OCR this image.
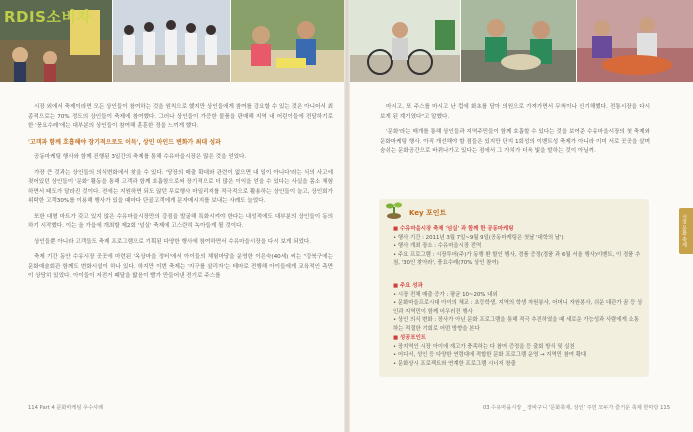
RDIS소비자

시장 외에서 축제이라면 모든 상인들이 참여하는 것을 원칙으로 했지만 상인들에게 참여를 강요할 수 있는 것은 아니어서 최종적으로는 70% 정도의 상인들이 축제에 참여했다. 그러나 상인들이 가증한 물품을 판매해 지역 내 어린이들에 전달하기로 한 '풍요수레'에는 대부분의 상인들이 참여해 훈훈한 정을 느끼게 했다.

'고객과 함께 호흡해야 장기적으로도 이득', 상인 마인드 변화가 최대 성과

공동마케팅 행사와 함께 진행된 3일간의 축제를 통해 수유마을시장은 많은 것을 얻었다.

가장 큰 것과는 상인들의 의식변화에서 찾을 수 있다. '당장의 매출 확대와 관련이 없으면 내 일이 아니다'라는 식의 사고에 젖어있던 상인들이 '문화' 활동을 통해 고객과 함께 호흡함으로써 장기적으로 더 많은 이익을 얻을 수 있다는 사실을 몸소 체험하면서 태도가 달라진 것이다. 전에는 지원하면 되도 않던 무료행사 마일리지를 적극적으로 활용하는 상인들이 늘고, 상인회가 위탁한 고객30%를 이용해 행사가 있을 때마다 단골고객에게 문자메시지를 보내는 사례도 늘었다.

또한 대형 마트가 갖고 있지 않은 수유마을시장만의 강점을 발굴해 특화시켜야 한다는 내성적에도 대부분의 상인들이 동의하기 시작했다. 이는 올 가을에 개최할 제2회 '넘실' 축제에 고스란히 녹아들게 될 것이다.

상인들뿐 아니라 고객들도 축제 프로그램으로 기획된 다양한 행사에 참여하면서 수유마을시장을 다시 보게 되었다.

축제 기간 동안 수유시장 곳곳에 마련된 '옥상마을 정터'에서 아이들의 체험마당을 운영한 이은숙(40세) 씨는 "강북구에는 문화예술회관 함께도 변화시설이 하나 있다. 하지만 이번 축제는 '지구를 살리자'는 테마로 전행해 아이들에게 교육적인 측면이 상당히 있었다. 아이들이 저전거 페달을 밟음이 빨가 만들어낸 전기로 주스를

마시고, 또 주스를 마시고 난 컵에 화초를 담아 의원으로 가져가면서 무척이나 신기해했다. 전통시장을 다시 보게 된 계기였다"고 말했다.

'문화'라는 매개를 통해 상인들과 지역주민들이 함께 호흡할 수 있다는 것을 보여준 수유마을시장의 첫 축제와 문화마케팅 행사. 아직 개선해야 할 점들은 있지만 단지 1회성의 이벤트성 축제가 아니라 이미 서로 곳곳을 살며 숨쉬는 문화공간으로 바뀌나가고 있다는 점에서 그 가치가 더욱 빛을 발하는 것이 아닐까.

Key 포인트
■ 수유마을시장 축제 '넘실' 과 함께 한 공동마케팅
• 행사 기간 : 2011년 3월 7일~9월 9일(공동마케팅은 첫날 '대학의 날')
• 행사 개최 장소 : 수유마을시장 전역
• 주요 프로그램 : 시장투어(주)가 동행 환 할인 행사, 경품 증정(경품 과 6월 서울 행사)이벤트, 이 경품 추첨, '30인 찾아라', 풍요수레(70% 상인 참여)
■ 주요 성과
• 시장 전체 매출 증가 : 평균 10~20% 내외
• 문화마을프로시대 아이의 체교 : 초등학생, 지역의 학생 자원봉사, 어머니 자원봉사, 쉬운 대관가 꿈 등 상인과 지역민이 함께 어우러진 행사
• 상인 의식 변화 : 장사가 아닌 문화 프로그램을 통해 적극 추진하였을 때 새로운 가능성과 사람에게 소통하는 적절한 기회로 어떤 방향을 본다
■ 성공포인트
• 장지역인 시장 아이에 재고가 충족하는 다 참여 증정을 등 출회 방식 및 실천
• 어디서, 성인 등 다양한 연령대에 적합한 문화 프로그램 운영 → 지역민 참여 확대
• 문화상시 프로젝트와 연계한 프로그램 시너지 창출
시장 문화 축제
114 Part 4 문화마케팅 우수사례	03 수유마을시장 _ 장바구니 '문화축제, 상인' 주민 모두가 즐거운 축제 한마당 115
